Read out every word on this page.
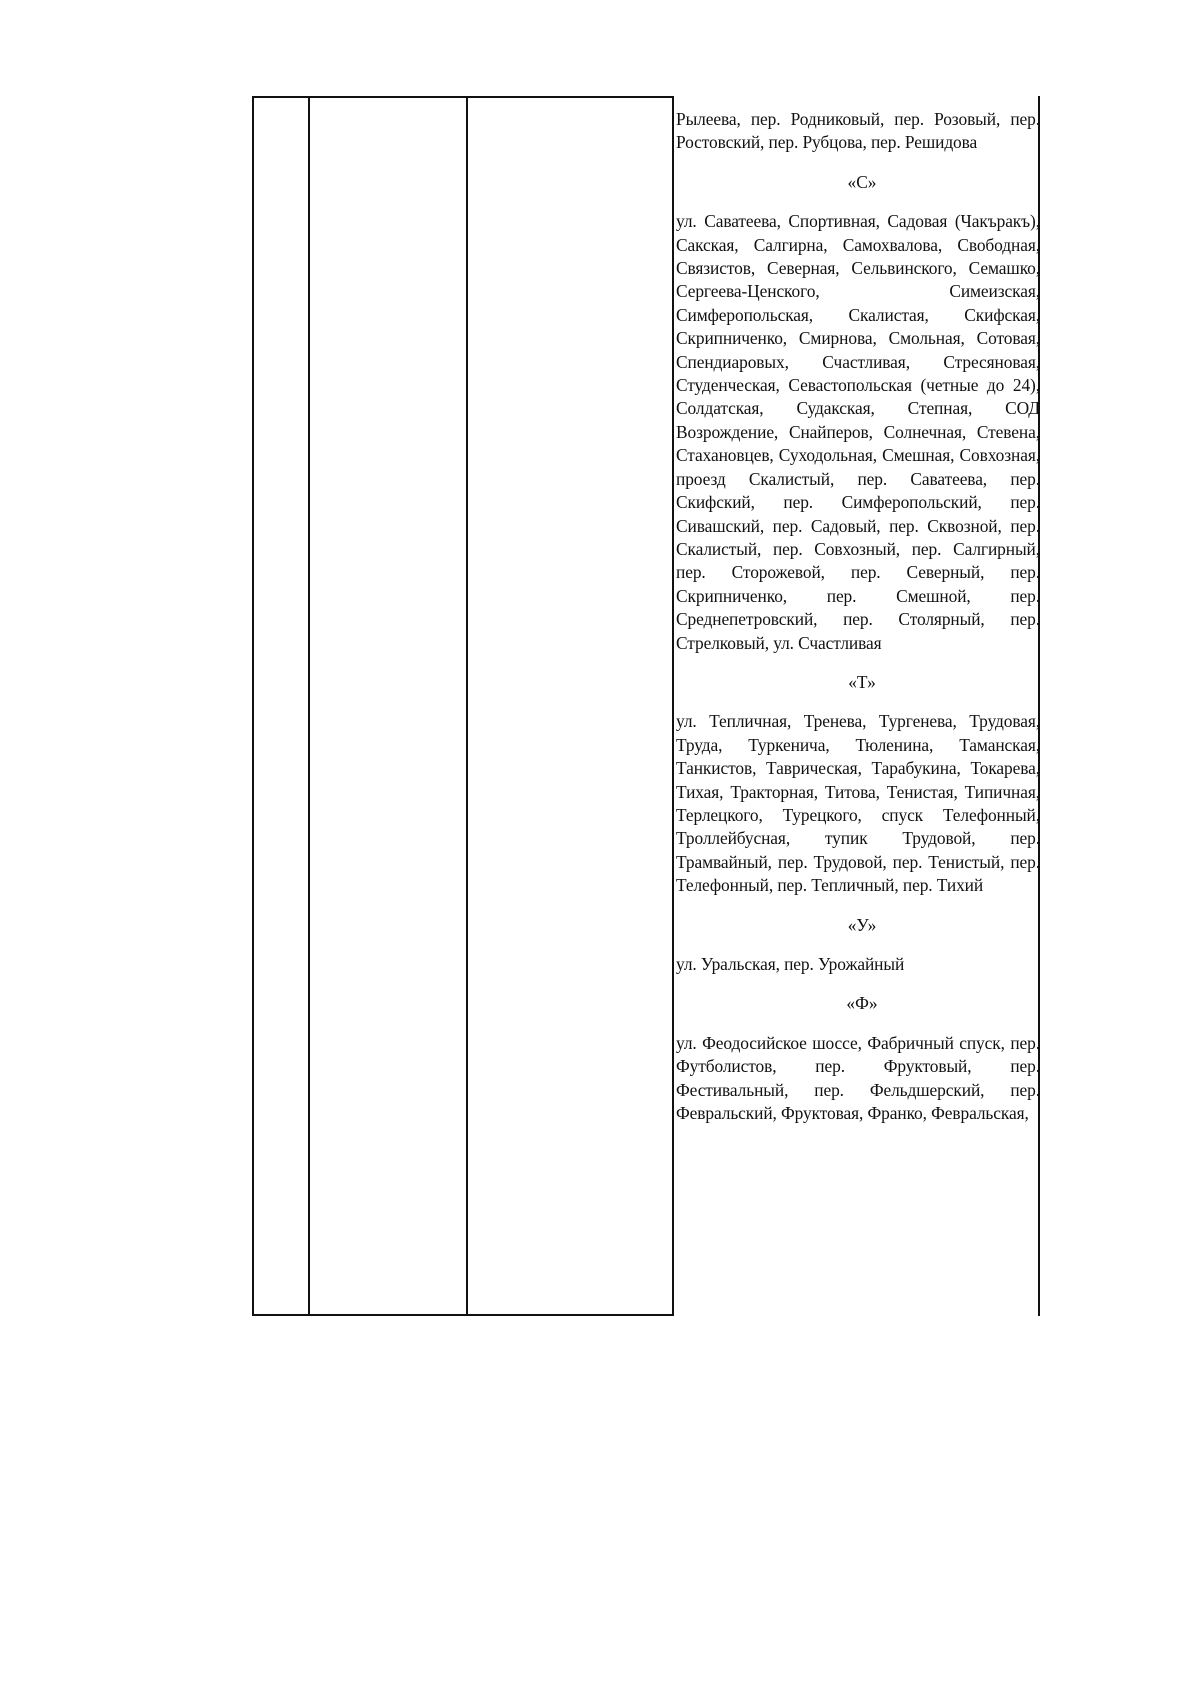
Рылеева, пер. Родниковый, пер. Розовый, пер. Ростовский, пер. Рубцова, пер. Решидова

«С»

ул. Саватеева, Спортивная, Садовая (Чакъракъ), Сакская, Салгирна, Самохвалова, Свободная, Связистов, Северная, Сельвинского, Семашко, Сергеева-Ценского, Симеизская, Симферопольская, Скалистая, Скифская, Скрипниченко, Смирнова, Смольная, Сотовая, Спендиаровых, Счастливая, Стресяновая, Студенческая, Севастопольская (четные до 24), Солдатская, Судакская, Степная, СОД Возрождение, Снайперов, Солнечная, Стевена, Стахановцев, Суходольная, Смешная, Совхозная, проезд Скалистый, пер. Саватеева, пер. Скифский, пер. Симферопольский, пер. Сивашский, пер. Садовый, пер. Сквозной, пер. Скалистый, пер. Совхозный, пер. Салгирный, пер. Сторожевой, пер. Северный, пер. Скрипниченко, пер. Смешной, пер. Среднепетровский, пер. Столярный, пер. Стрелковый, ул. Счастливая

«Т»

ул. Тепличная, Тренева, Тургенева, Трудовая, Труда, Туркенича, Тюленина, Таманская, Танкистов, Таврическая, Тарабукина, Токарева, Тихая, Тракторная, Титова, Тенистая, Типичная, Терлецкого, Турецкого, спуск Телефонный, Троллейбусная, тупик Трудовой, пер. Трамвайный, пер. Трудовой, пер. Тенистый, пер. Телефонный, пер. Тепличный, пер. Тихий

«У»

ул. Уральская, пер. Урожайный

«Ф»

ул. Феодосийское шоссе, Фабричный спуск, пер. Футболистов, пер. Фруктовый, пер. Фестивальный, пер. Фельдшерский, пер. Февральский, Фруктовая, Франко, Февральская,
